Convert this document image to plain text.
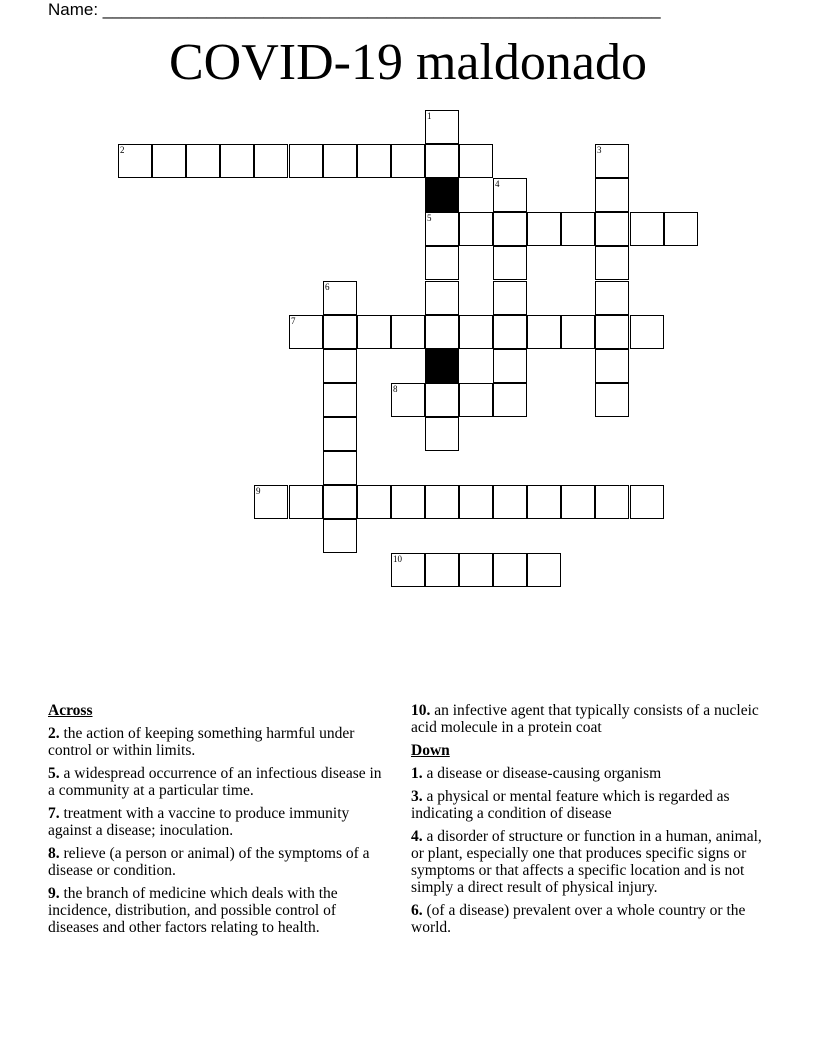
Name: ___________________________________________________________
COVID-19 maldonado
1
5
2	3
4
6
7
8
9
10
Across
2. the action of keeping something harmful under control or within limits.
5. a widespread occurrence of an infectious disease in a community at a particular time.
7. treatment with a vaccine to produce immunity against a disease; inoculation.
8. relieve (a person or animal) of the symptoms of a disease or condition.
9. the branch of medicine which deals with the incidence, distribution, and possible control of diseases and other factors relating to health.
10. an infective agent that typically consists of a nucleic acid molecule in a protein coat
Down
1. a disease or disease-causing organism
3. a physical or mental feature which is regarded as indicating a condition of disease
4. a disorder of structure or function in a human, animal, or plant, especially one that produces specific signs or symptoms or that affects a specific location and is not simply a direct result of physical injury.
6. (of a disease) prevalent over a whole country or the world.
